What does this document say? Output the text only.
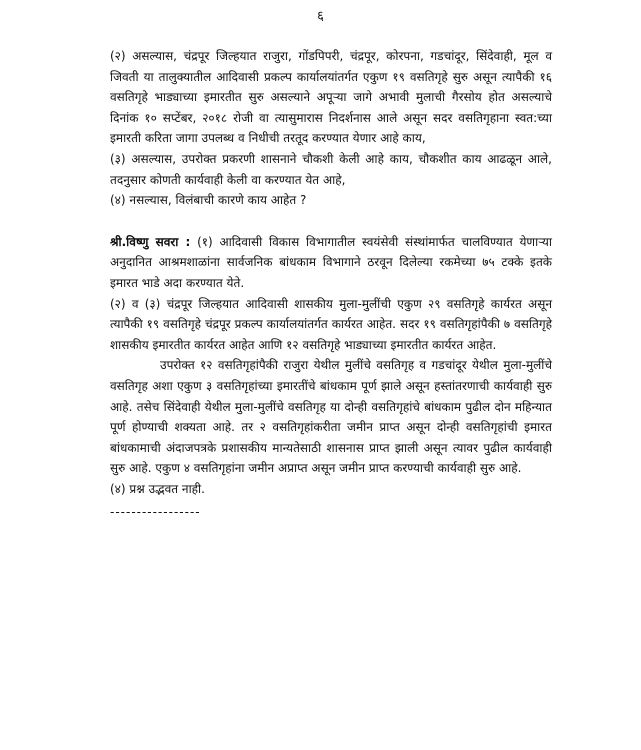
६

(२) असल्यास, चंद्रपूर जिल्हयात राजुरा, गोंडपिपरी, चंद्रपूर, कोरपना, गडचांदूर, सिंदेवाही, मूल व जिवती या तालुक्यातील आदिवासी प्रकल्प कार्यालयांतर्गत एकुण १९ वसतिगृहे सुरु असून त्यापैकी १६ वसतिगृहे भाड्याच्या इमारतीत सुरु असल्याने अपूऱ्या जागे अभावी मुलाची गैरसोय होत असल्याचे दिनांक १० सप्टेंबर, २०१८ रोजी वा त्यासुमारास निदर्शनास आले असून सदर वसतिगृहाना स्वत:च्या इमारती करिता जागा उपलब्ध व निधीची तरतूद करण्यात येणार आहे काय,

(३) असल्यास, उपरोक्त प्रकरणी शासनाने चौकशी केली आहे काय, चौकशीत काय आढळून आले, तदनुसार कोणती कार्यवाही केली वा करण्यात येत आहे,

(४) नसल्यास, विलंबाची कारणे काय आहेत ?

श्री.विष्णु सवरा : (१) आदिवासी विकास विभागातील स्वयंसेवी संस्थांमार्फत चालविण्यात येणाऱ्या अनुदानित आश्रमशाळांना सार्वजनिक बांधकाम विभागाने ठरवून दिलेल्या रकमेच्या ७५ टक्के इतके इमारत भाडे अदा करण्यात येते.

(२) व (३) चंद्रपूर जिल्हयात आदिवासी शासकीय मुला-मुलींची एकुण २९ वसतिगृहे कार्यरत असून त्यापैकी १९ वसतिगृहे चंद्रपूर प्रकल्प कार्यालयांतर्गत कार्यरत आहेत. सदर १९ वसतिगृहांपैकी ७ वसतिगृहे शासकीय इमारतीत कार्यरत आहेत आणि १२ वसतिगृहे भाड्याच्या इमारतीत कार्यरत आहेत.

उपरोक्त १२ वसतिगृहांपैकी राजुरा येथील मुलींचे वसतिगृह व गडचांदूर येथील मुला-मुलींचे वसतिगृह अशा एकुण ३ वसतिगृहांच्या इमारतींचे बांधकाम पूर्ण झाले असून हस्तांतरणाची कार्यवाही सुरु आहे. तसेच सिंदेवाही येथील मुला-मुलींचे वसतिगृह या दोन्ही वसतिगृहांचे बांधकाम पुढील दोन महिन्यात पूर्ण होण्याची शक्यता आहे. तर २ वसतिगृहांकरीता जमीन प्राप्त असून दोन्ही वसतिगृहांची इमारत बांधकामाची अंदाजपत्रके प्रशासकीय मान्यतेसाठी शासनास प्राप्त झाली असून त्यावर पुढील कार्यवाही सुरु आहे. एकुण ४ वसतिगृहांना जमीन अप्राप्त असून जमीन प्राप्त करण्याची कार्यवाही सुरु आहे.

(४) प्रश्न उद्भवत नाही.

-----------------
